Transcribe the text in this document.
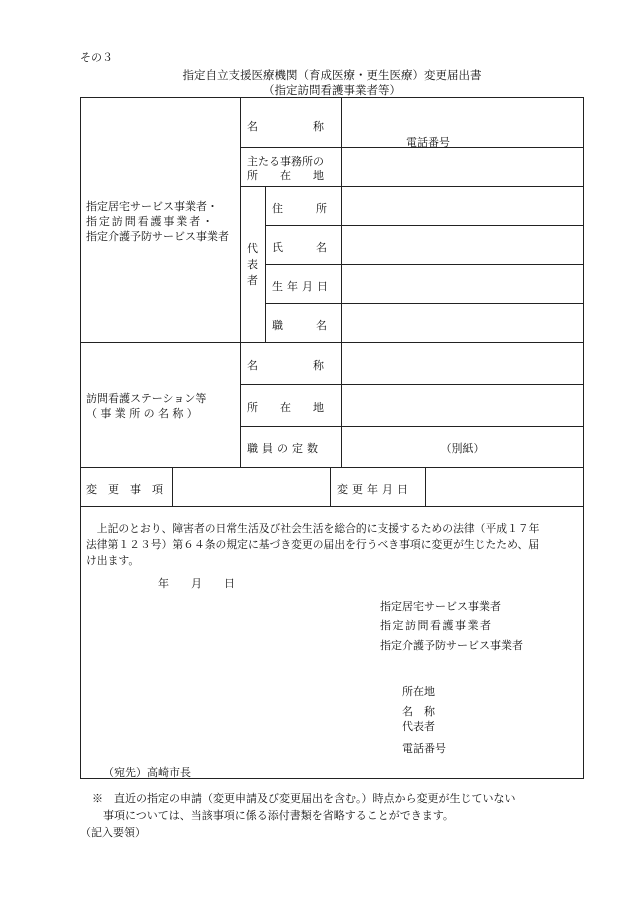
その３
指定自立支援医療機関（育成医療・更生医療）変更届出書
（指定訪問看護事業者等）
指定居宅サービス事業者・
指定訪問看護事業者・
指定介護予防サービス事業者
名　　　　　称
電話番号
主たる事務所の
所　　在　　地
代
表
者
住　　　所
氏　　　名
生年月日
職　　　名
訪問看護ステーション等
（事業所の名称）
名　　　　　称
所　　在　　地
職員の定数	（別紙）
変　更　事　項	変更年月日
　上記のとおり、障害者の日常生活及び社会生活を総合的に支援するための法律（平成１７年
法律第１２３号）第６４条の規定に基づき変更の届出を行うべき事項に変更が生じたため、届
け出ます。
年　　月　　日
指定居宅サービス事業者
指定訪問看護事業者
指定介護予防サービス事業者
所在地
名　称
代表者
電話番号
（宛先）高崎市長
※　直近の指定の申請（変更申請及び変更届出を含む。）時点から変更が生じていない
　事項については、当該事項に係る添付書類を省略することができます。
（記入要領）
